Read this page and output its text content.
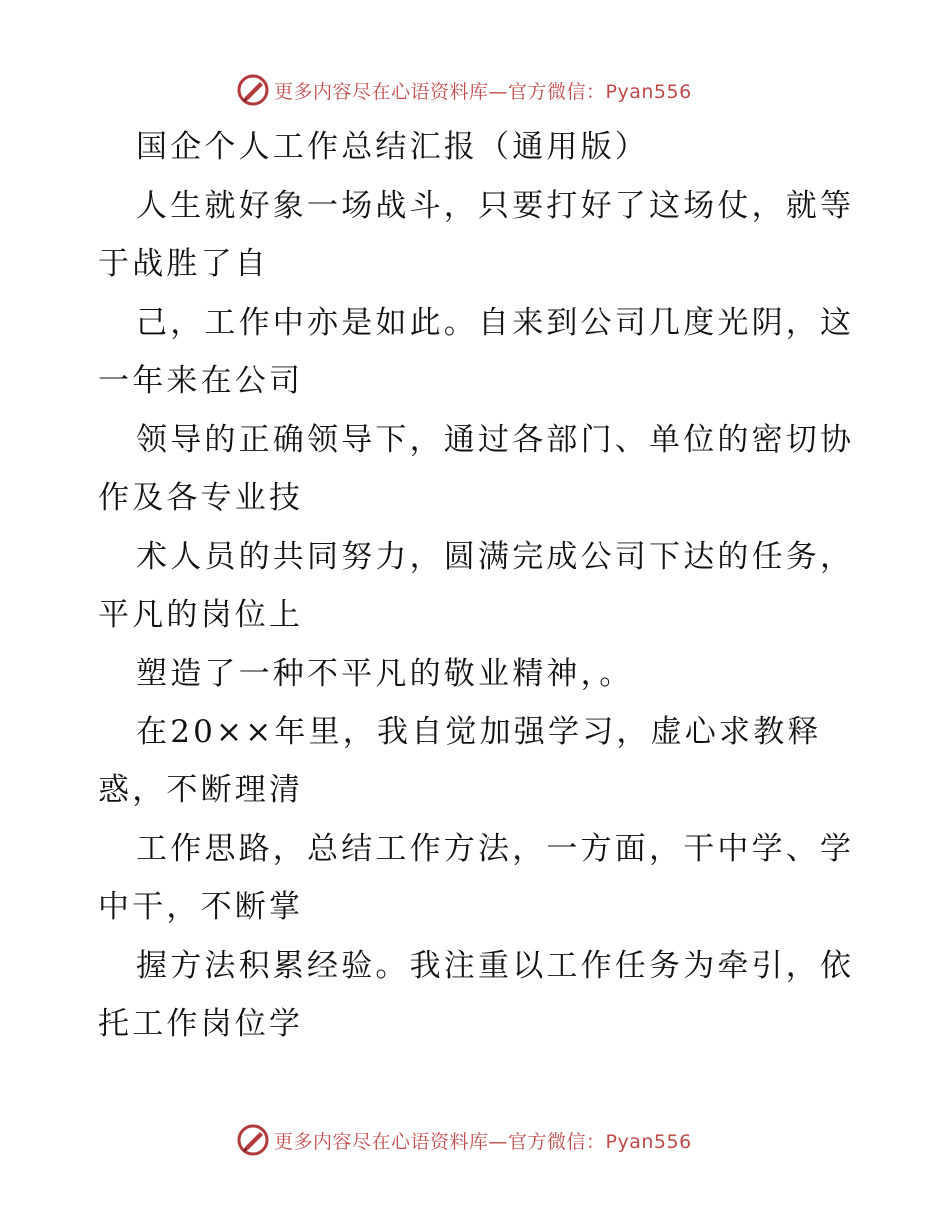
更多内容尽在心语资料库—官方微信：Pyan556
国企个人工作总结汇报（通用版）
人生就好象一场战斗，只要打好了这场仗，就等
于战胜了自
己，工作中亦是如此。自来到公司几度光阴，这
一年来在公司
领导的正确领导下，通过各部门、单位的密切协
作及各专业技
术人员的共同努力，圆满完成公司下达的任务，
平凡的岗位上
塑造了一种不平凡的敬业精神，。
在20××年里，我自觉加强学习，虚心求教释
惑，不断理清
工作思路，总结工作方法，一方面，干中学、学
中干，不断掌
握方法积累经验。我注重以工作任务为牵引，依
托工作岗位学
更多内容尽在心语资料库—官方微信：Pyan556
